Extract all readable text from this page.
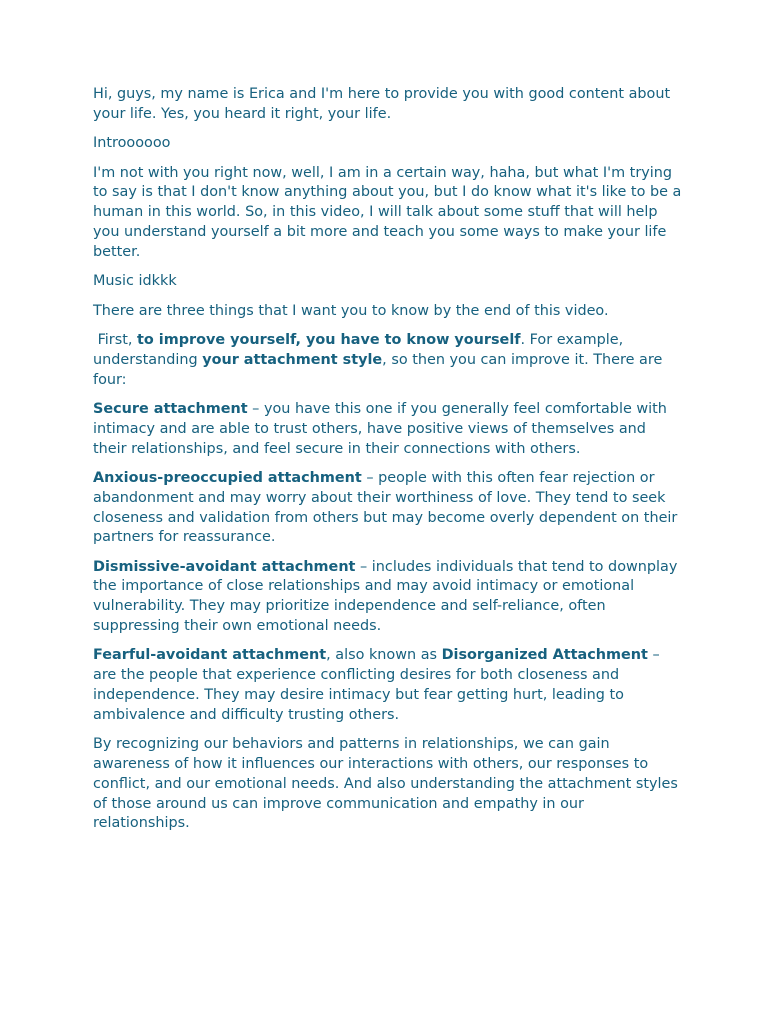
Hi, guys, my name is Erica and I'm here to provide you with good content about your life. Yes, you heard it right, your life.

Introooooo

I'm not with you right now, well, I am in a certain way, haha, but what I'm trying to say is that I don't know anything about you, but I do know what it's like to be a human in this world. So, in this video, I will talk about some stuff that will help you understand yourself a bit more and teach you some ways to make your life better.

Music idkkk

There are three things that I want you to know by the end of this video.

First, to improve yourself, you have to know yourself. For example, understanding your attachment style, so then you can improve it. There are four:

Secure attachment – you have this one if you generally feel comfortable with intimacy and are able to trust others, have positive views of themselves and their relationships, and feel secure in their connections with others.

Anxious-preoccupied attachment – people with this often fear rejection or abandonment and may worry about their worthiness of love. They tend to seek closeness and validation from others but may become overly dependent on their partners for reassurance.

Dismissive-avoidant attachment – includes individuals that tend to downplay the importance of close relationships and may avoid intimacy or emotional vulnerability. They may prioritize independence and self-reliance, often suppressing their own emotional needs.

Fearful-avoidant attachment, also known as Disorganized Attachment – are the people that experience conflicting desires for both closeness and independence. They may desire intimacy but fear getting hurt, leading to ambivalence and difficulty trusting others.

By recognizing our behaviors and patterns in relationships, we can gain awareness of how it influences our interactions with others, our responses to conflict, and our emotional needs. And also understanding the attachment styles of those around us can improve communication and empathy in our relationships.
